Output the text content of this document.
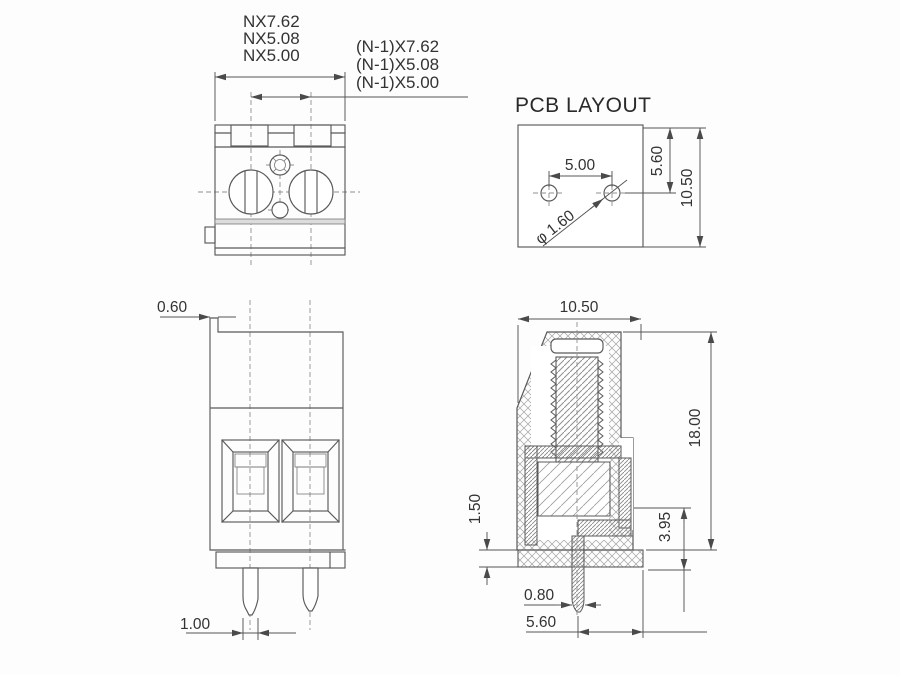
NX7.62
NX5.08
NX5.00	(N-1)X7.62
(N-1)X5.08
(N-1)X5.00
PCB LAYOUT
5.00
φ 1.60
5.60
10.50
0.60
1.00
10.50
18.00
3.95
1.50
0.80
5.60
